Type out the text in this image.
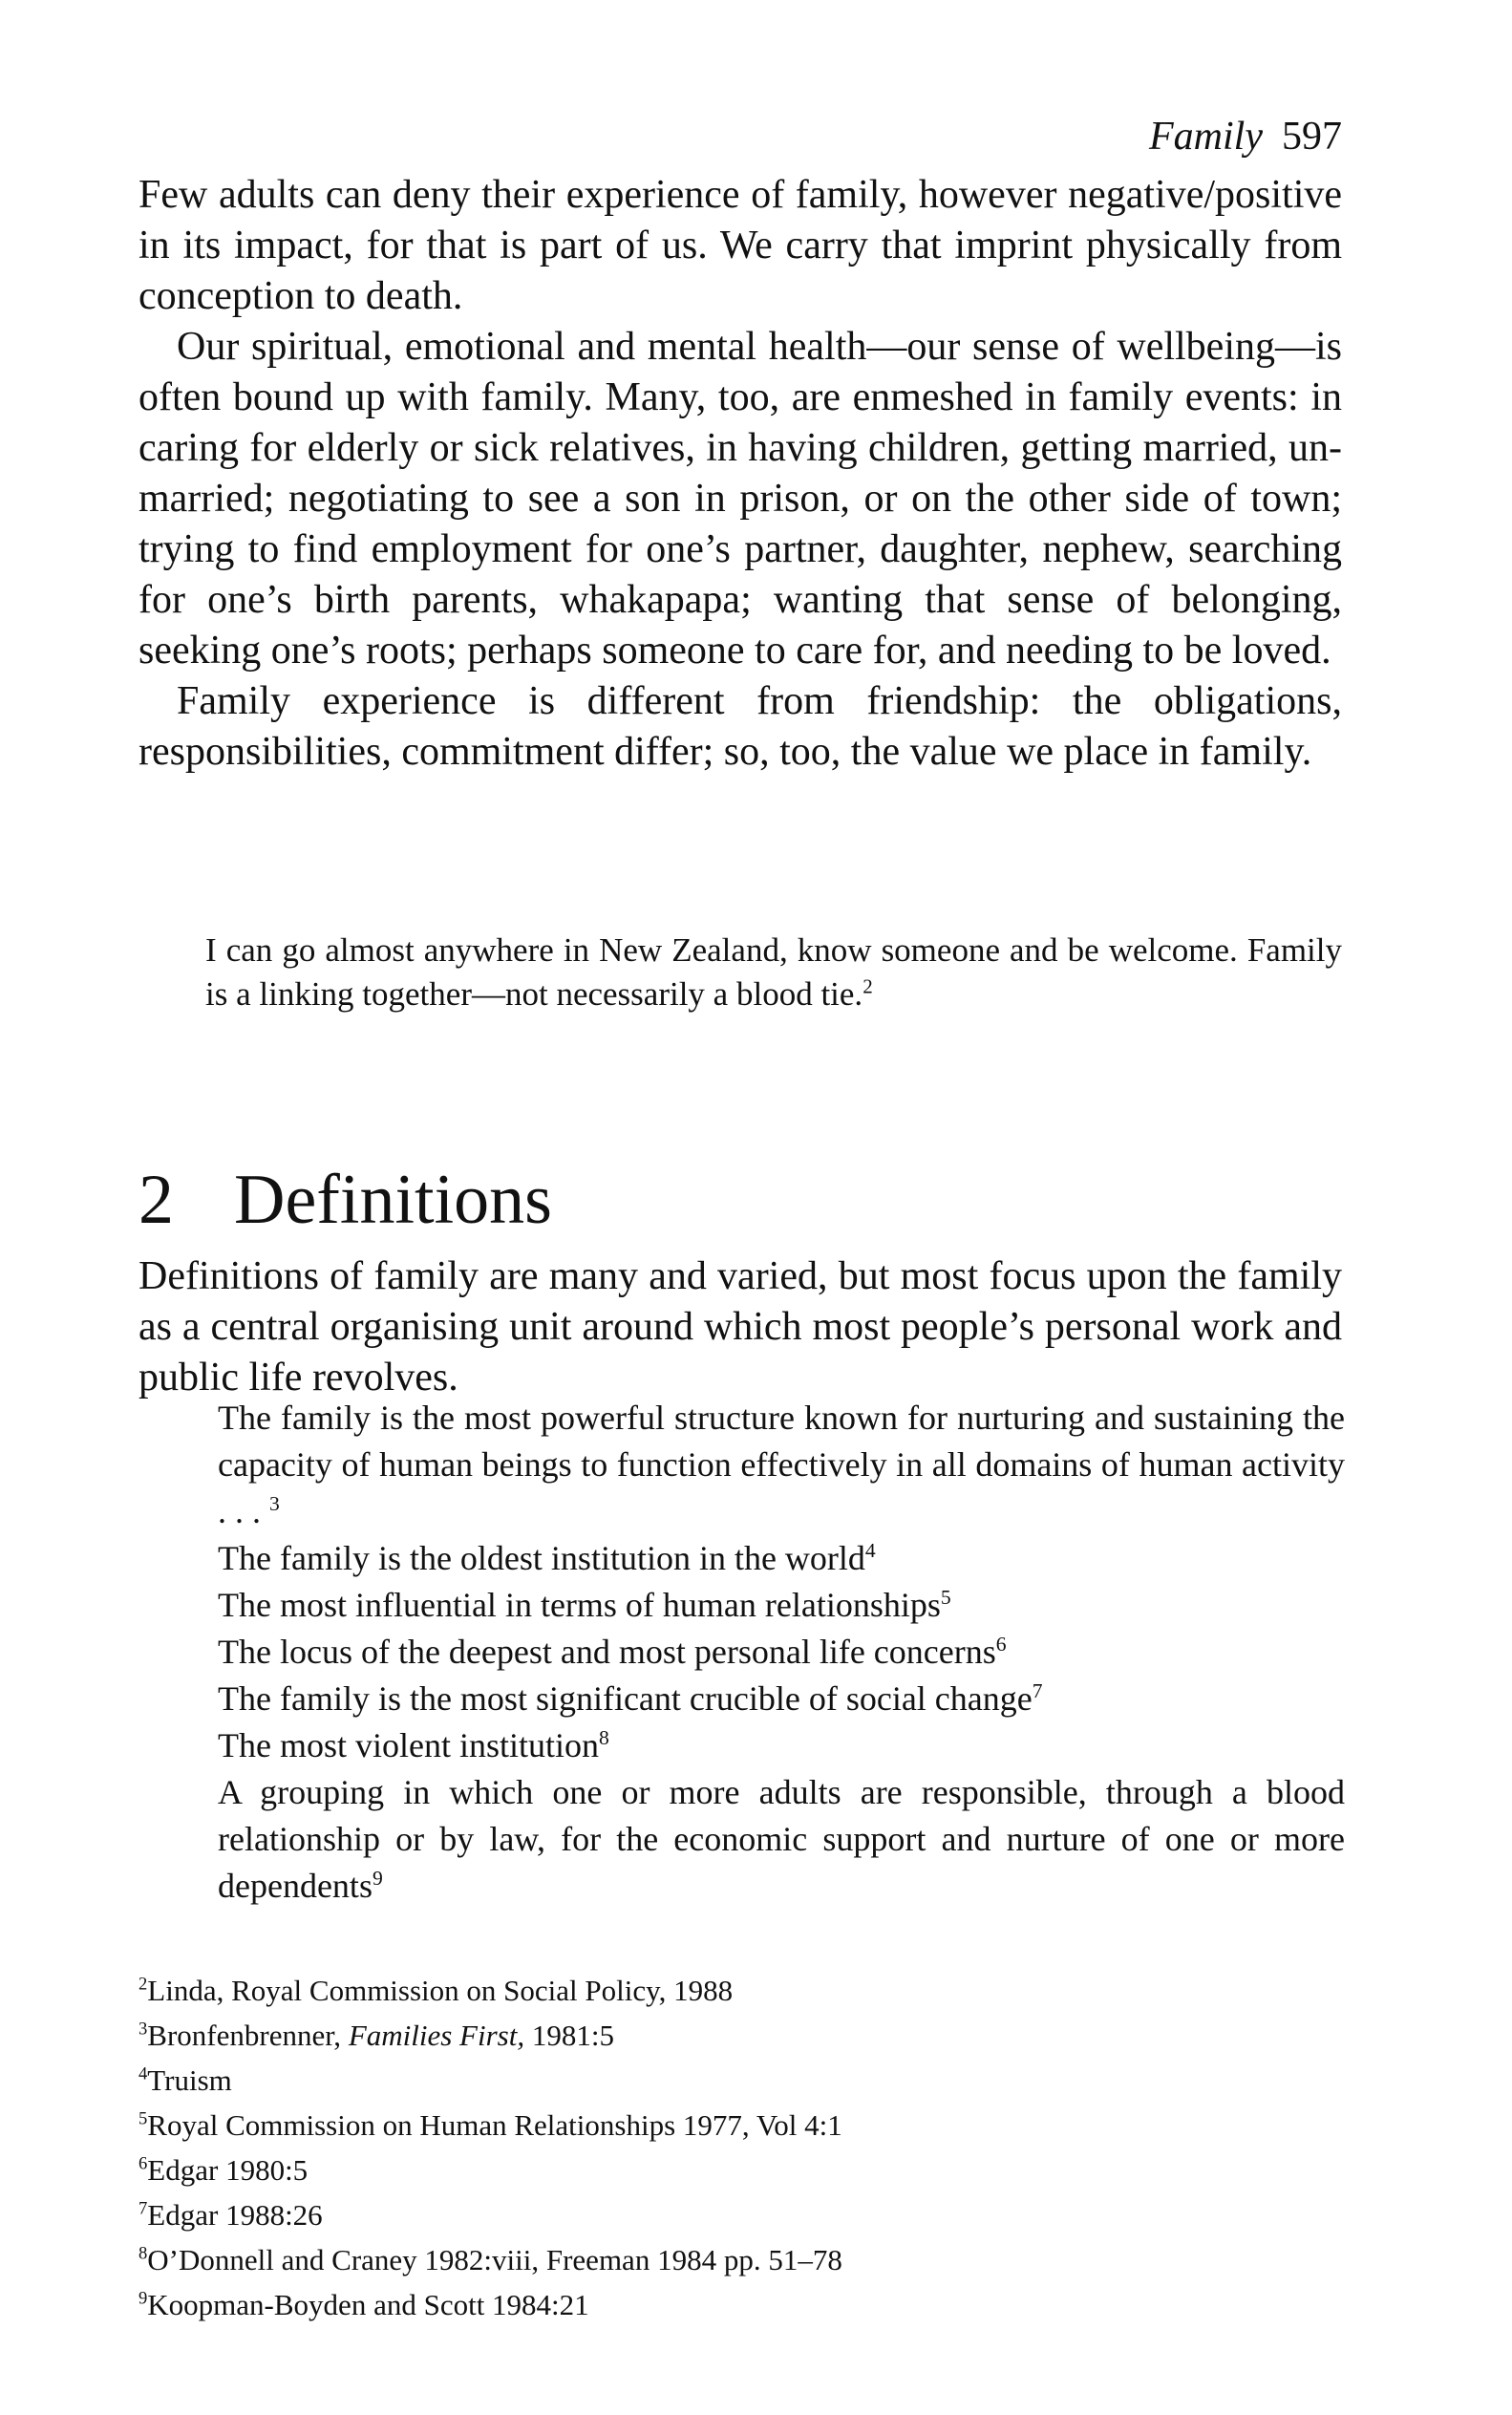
Family 597

Few adults can deny their experience of family, however negative/positive in its impact, for that is part of us. We carry that imprint physically from conception to death.

Our spiritual, emotional and mental health—our sense of wellbeing—is often bound up with family. Many, too, are enmeshed in family events: in caring for elderly or sick relatives, in having children, getting married, un-married; negotiating to see a son in prison, or on the other side of town; trying to find employment for one’s partner, daughter, nephew, searching for one’s birth parents, whakapapa; wanting that sense of belonging, seeking one’s roots; perhaps someone to care for, and needing to be loved.

Family experience is different from friendship: the obligations, responsibilities, commitment differ; so, too, the value we place in family.

I can go almost anywhere in New Zealand, know someone and be welcome. Family is a linking together—not necessarily a blood tie.$^2$

2 Definitions

Definitions of family are many and varied, but most focus upon the family as a central organising unit around which most people’s personal work and public life revolves.

The family is the most powerful structure known for nurturing and sustaining the capacity of human beings to function effectively in all domains of human activity . . . $^3$

The family is the oldest institution in the world$^4$

The most influential in terms of human relationships$^5$

The locus of the deepest and most personal life concerns$^6$

The family is the most significant crucible of social change$^7$

The most violent institution$^8$

A grouping in which one or more adults are responsible, through a blood relationship or by law, for the economic support and nurture of one or more dependents$^9$

$^2$Linda, Royal Commission on Social Policy, 1988

$^3$Bronfenbrenner, Families First, 1981:5

$^4$Truism

$^5$Royal Commission on Human Relationships 1977, Vol 4:1

$^6$Edgar 1980:5

$^7$Edgar 1988:26

$^8$O’Donnell and Craney 1982:viii, Freeman 1984 pp. 51–78

$^9$Koopman-Boyden and Scott 1984:21
